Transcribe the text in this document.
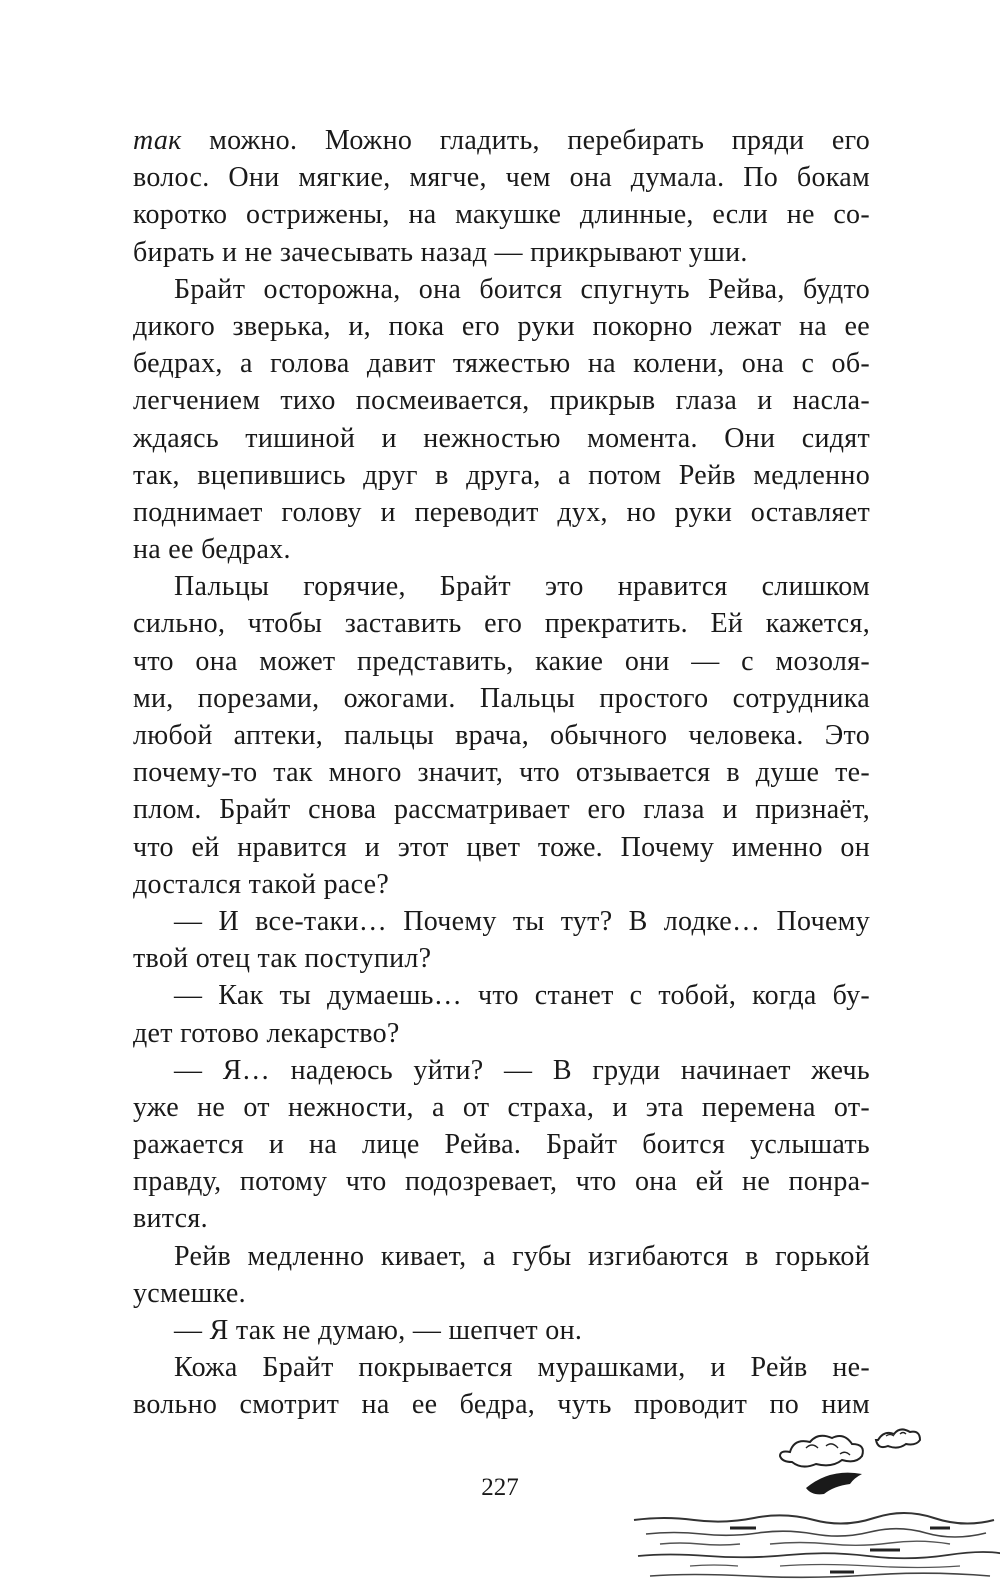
так можно. Можно гладить, перебирать пряди его
волос. Они мягкие, мягче, чем она думала. По бокам
коротко острижены, на макушке длинные, если не со-
бирать и не зачесывать назад — прикрывают уши.
Брайт осторожна, она боится спугнуть Рейва, будто
дикого зверька, и, пока его руки покорно лежат на ее
бедрах, а голова давит тяжестью на колени, она с об-
легчением тихо посмеивается, прикрыв глаза и насла-
ждаясь тишиной и нежностью момента. Они сидят
так, вцепившись друг в друга, а потом Рейв медленно
поднимает голову и переводит дух, но руки оставляет
на ее бедрах.
Пальцы горячие, Брайт это нравится слишком
сильно, чтобы заставить его прекратить. Ей кажется,
что она может представить, какие они — с мозоля-
ми, порезами, ожогами. Пальцы простого сотрудника
любой аптеки, пальцы врача, обычного человека. Это
почему-то так много значит, что отзывается в душе те-
плом. Брайт снова рассматривает его глаза и признаёт,
что ей нравится и этот цвет тоже. Почему именно он
достался такой расе?
— И все-таки… Почему ты тут? В лодке… Почему
твой отец так поступил?
— Как ты думаешь… что станет с тобой, когда бу-
дет готово лекарство?
— Я… надеюсь уйти? — В груди начинает жечь
уже не от нежности, а от страха, и эта перемена от-
ражается и на лице Рейва. Брайт боится услышать
правду, потому что подозревает, что она ей не понра-
вится.
Рейв медленно кивает, а губы изгибаются в горькой
усмешке.
— Я так не думаю, — шепчет он.
Кожа Брайт покрывается мурашками, и Рейв не-
вольно смотрит на ее бедра, чуть проводит по ним
227
